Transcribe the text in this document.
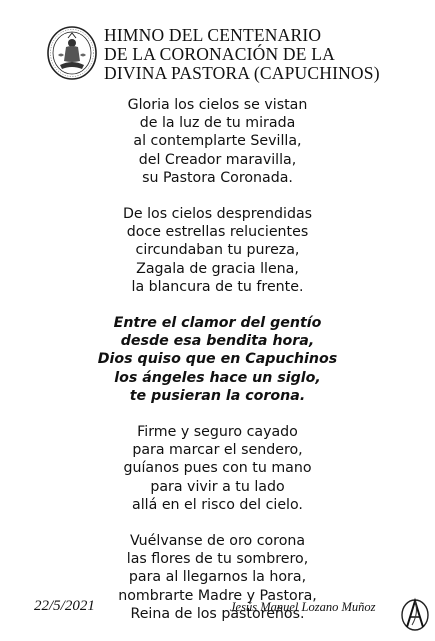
HIMNO DEL CENTENARIO
DE LA CORONACIÓN DE LA
DIVINA PASTORA (CAPUCHINOS)
Gloria los cielos se vistan
de la luz de tu mirada
al contemplarte Sevilla,
del Creador maravilla,
su Pastora Coronada.
De los cielos desprendidas
doce estrellas relucientes
circundaban tu pureza,
Zagala de gracia llena,
la blancura de tu frente.
Entre el clamor del gentío
desde esa bendita hora,
Dios quiso que en Capuchinos
los ángeles hace un siglo,
te pusieran la corona.
Firme y seguro cayado
para marcar el sendero,
guíanos pues con tu mano
para vivir a tu lado
allá en el risco del cielo.
Vuélvanse de oro corona
las flores de tu sombrero,
para al llegarnos la hora,
nombrarte Madre y Pastora,
Reina de los pastoreños.
22/5/2021	Jesús Manuel Lozano Muñoz
